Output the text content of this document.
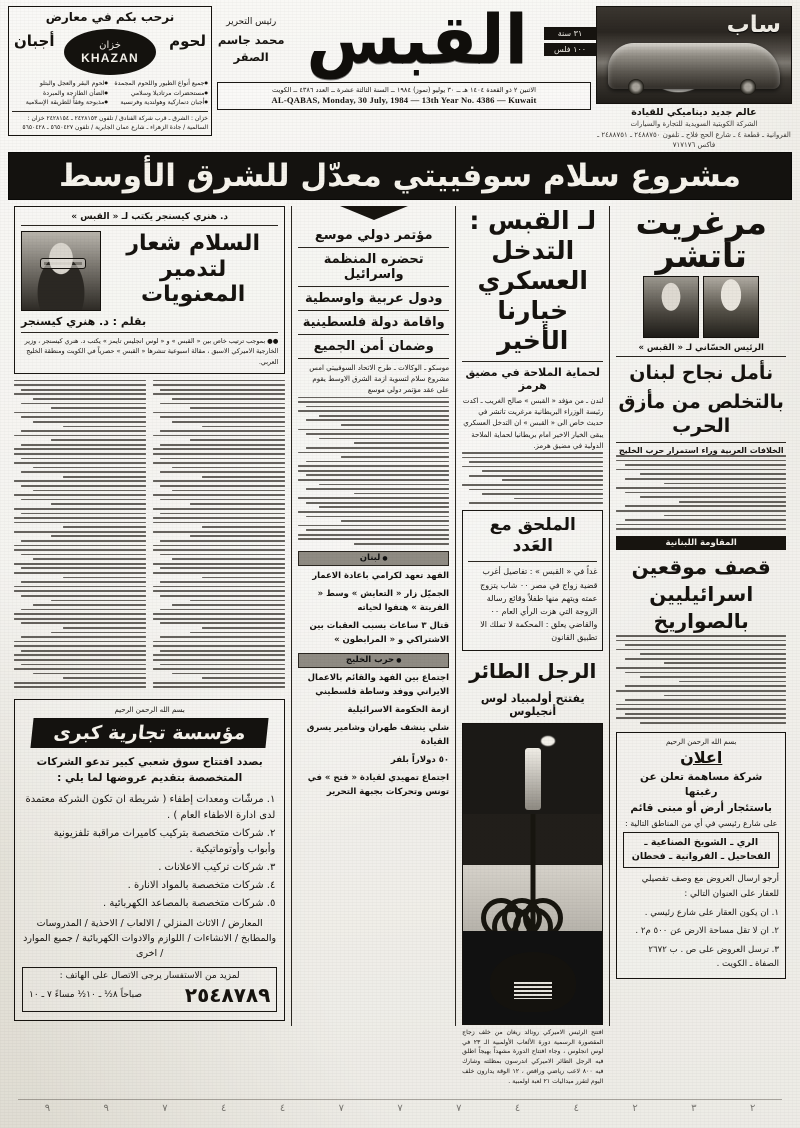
ساب
عالم جديد ديناميكي للقيادة
الشركة الكويتية السويدية للتجارة والسيارات
الفروانية ـ قطعة ٤ ـ شارع الحج فلاح ـ تلفون ٢٤٨٨٧٥٠ ـ ٢٤٨٨٧٥١ ـ فاكس ٧١٧١٧٦
٣١ سنة
١٠٠ فلس
القبس
رئيس التحرير
محمد جاسم الصقر
الاثنين ٢ ذو القعدة ١٤٠٤ هـ ــ ٣٠ يوليو (تموز) ١٩٨٤ ــ السنة الثالثة عشرة ــ العدد ٤٣٨٦ ــ الكويت
AL-QABAS, Monday, 30 July, 1984 — 13th Year No. 4386 — Kuwait
نرحب بكم في معارض
لحوم
أجبان	خزان
KHAZAN
● جميع أنواع الطيور واللحوم المجمدة
● مستحضرات مرتاديلا وسلامي
● أجبان دنماركية وهولندية وفرنسية
● لحوم البقر والعجل والبتلو
● الضأن الطازجة والمبردة
● مذبوحة وفقاً للطريقة الإسلامية
خزان : الشرق ـ قرب شركة الفنادق / تلفون ٢٤٢٨١٥٣ ـ ٢٤٢٨١٥٤ خزان : السالمية / جادة الزهراء ـ شارع عمان الجابرية / تلفون ٥٦٥٠٤٢٧ ـ ٥٦٥٠٤٢٨
مشروع سلام سوفييتي معدّل للشرق الأوسط
مرغريت تاتشر
الرئيس الحسّاني لـ « القبس »
نأمل نجاح لبنان
بالتخلص من مأزق الحرب
الخلافات العربية وراء استمرار حرب الخليج
المقاومة اللبنانية
قصف موقعين اسرائيليين بالصواريخ
بسم الله الرحمن الرحيم
اعلان
شركة مساهمة تعلن عن رغبتها
باستئجار أرض أو مبنى قائم
على شارع رئيسي في أي من المناطق التالية :
الري ـ الشويخ الصناعية ـ الفحاحيل ـ الفروانية ـ فحطان
أرجو ارسال العروض مع وصف تفصيلي للعقار على العنوان التالي :
١. ان يكون العقار على شارع رئيسي .
٢. ان لا تقل مساحة الارض عن ٥٠٠ م٢ .
٣. ترسل العروض على ص . ب ٢٦٧٢ الصفاة ـ الكويت .
لـ القبس :
التدخل العسكري خيارنا الأخير
لحماية الملاحة في مضيق هرمز
لندن ـ من مؤفد « القبس » صالح الغريب ـ اكدت رئيسة الوزراء البريطانية مرغريت تاتشر في حديث خاص الى « القبس » ان التدخل العسكري يبقى الخيار الاخير امام بريطانيا لحماية الملاحة الدولية في مضيق هرمز.
الملحق مع العَدد
غداً في « القبس » : تفاصيل أغرب قضية زواج في مصر ٠٠ شاب يتزوج عمته ويتهم منها طفلاً وقائع رسالة الزوجة التي هزت الرأي العام ٠٠ والقاضي يعلق : المحكمة لا تملك الا تطبيق القانون
الرجل الطائر
يفتتح أولمبياد لوس أنجيلوس
افتتح الرئيس الاميركي رونالد ريغان من خلف زجاج المقصورة الرسمية دورة الألعاب الأولمبية الـ ٢٣ في لوس انجلوس ، وجاء افتتاح الدورة مشهداً بهيجاً اطلق فيه الرجل الطائر الاميركي اندرسون بمظلته وشارك فيه ٨٠٠ لاعب رياضي وراقص ، ١٢ الوقة يدارون خلف اليوم لتقرر ميداليات ٢١ لعبة اولمبية .
مؤتمر دولي موسع
تحضره المنظمة واسرائيل
ودول عربية واوسطية
واقامة دولة فلسطينية
وضمان أمن الجميع
موسكو ـ الوكالات ـ طرح الاتحاد السوفييتي امس مشروع سلام لتسوية ازمة الشرق الاوسط يقوم على عقد مؤتمر دولي موسع
● لبنان
الفهد تعهد لكرامي باعادة الاعمار
الجميّل زار « التعايش » وسط « الفريتة » هتفوا لحياته
قتال ٣ ساعات بسبب العقبات بين الاشتراكي و « المرابطون »
● حرب الخليج
اجتماع بين الفهد والقائم بالاعمال الايراني ووفد وساطة فلسطيني
ازمة الحكومة الاسرائيلية
شلي ينشف طهران وشامير يسرق القيادة
٥٠ دولاراً بلفر
اجتماع تمهيدي لقيادة « فتح » في تونس وتحركات بجبهة التحرير
د. هنري كيسنجر يكتب لـ « القبس »
السلام شعار لتدمير المعنويات
بقلم : د. هنري كيسنجر
●● بموجب ترتيب خاص بين « القبس » و « لوس انجليس تايمز » يكتب د. هنري كيسنجر ، وزير الخارجية الاميركي الاسبق ، مقالة اسبوعية تنشرها « القبس » حصرياً في الكويت ومنطقة الخليج العربي.
بسم الله الرحمن الرحيم
مؤسسة تجارية كبرى
بصدد افتتاح سوق شعبي كبير تدعو الشركات المتخصصة بتقديم عروضها لما يلي :
١. مرشّات ومعدات إطفاء ( شريطة ان تكون الشركة معتمدة لدى ادارة الاطفاء العام ) .
٢. شركات متخصصة بتركيب كاميرات مراقبة تلفزيونية وأبواب وأوتوماتيكية .
٣. شركات تركيب الاعلانات .
٤. شركات متخصصة بالمواد الانارة .
٥. شركات متخصصة بالمصاعد الكهربائية .
المعارض / الاثاث المنزلي / الالعاب / الاحذية / المدروسات والمطابخ / الانشاءات / اللوازم والادوات الكهربائية / جميع الموارد / اخرى
لمزيد من الاستفسار يرجى الاتصال على الهاتف :
٢٥٤٨٧٨٩
صباحاً ٨½ ـ ١٠½ مساءً ٧ ـ ١٠
٢
٣
٢
٤
٤
٧
٧
٧
٤
٤
٧
٩
٩
